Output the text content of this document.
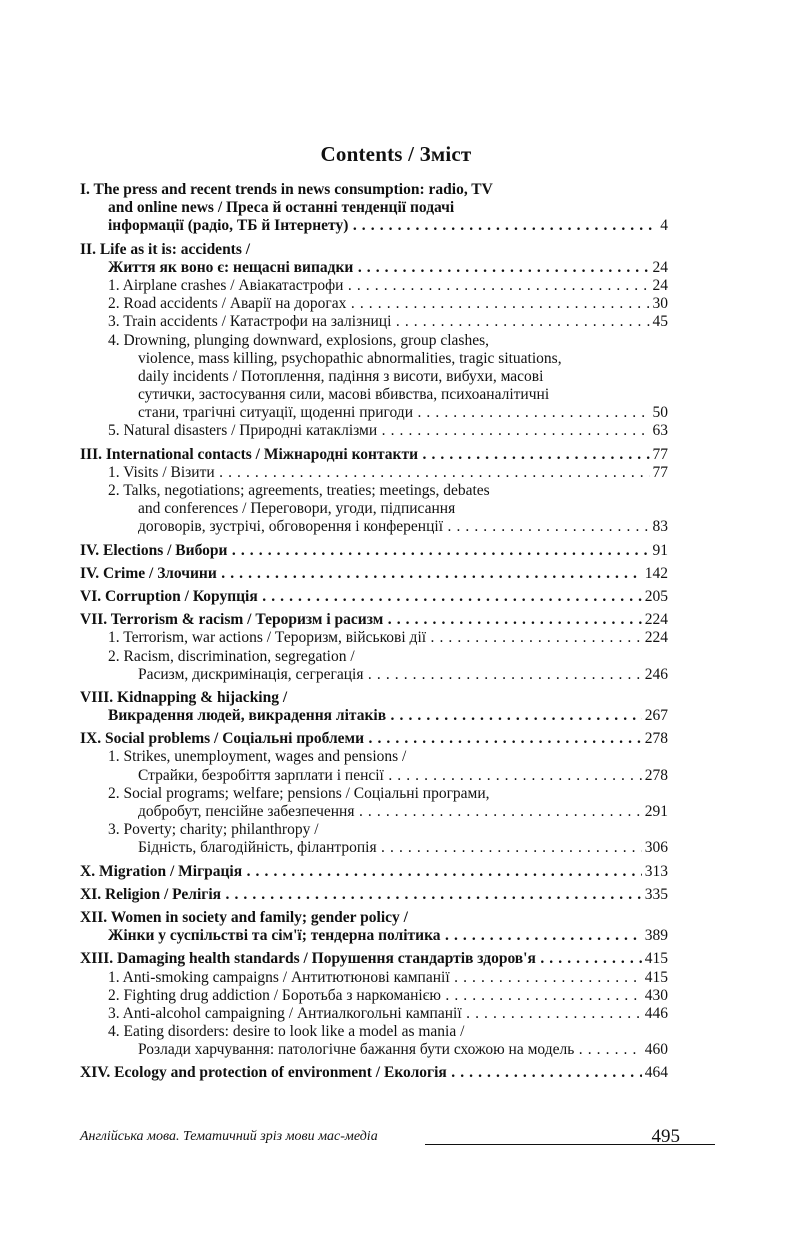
Contents / Зміст
I. The press and recent trends in news consumption: radio, TV
and online news / Преса й останні тенденції подачі
інформації (радіо, ТБ й Інтернету) . . .	4
II. Life as it is: accidents /
Життя як воно є: нещасні випадки . . .	24
1. Airplane crashes / Авіакатастрофи . . .	24
2. Road accidents / Аварії на дорогах . . .	30
3. Train accidents / Катастрофи на залізниці . . .	45
4. Drowning, plunging downward, explosions, group clashes,
violence, mass killing, psychopathic abnormalities, tragic situations,
daily incidents / Потоплення, падіння з висоти, вибухи, масові
сутички, застосування сили, масові вбивства, психоаналітичні
стани, трагічні ситуації, щоденні пригоди . . .	50
5. Natural disasters / Природні катаклізми . . .	63
III. International contacts / Міжнародні контакти . . .	77
1. Visits / Візити . . .	77
2. Talks, negotiations; agreements, treaties; meetings, debates
and conferences / Переговори, угоди, підписання
договорів, зустрічі, обговорення і конференції . . .	83
IV. Elections / Вибори . . .	91
IV. Crime / Злочини . . .	142
VI. Corruption / Корупція . . .	205
VII. Terrorism & racism / Тероризм і расизм . . .	224
1. Terrorism, war actions / Тероризм, військові дії . . .	224
2. Racism, discrimination, segregation /
Расизм, дискримінація, сегрегація . . .	246
VIII. Kidnapping & hijacking /
Викрадення людей, викрадення літаків . . .	267
IX. Social problems / Соціальні проблеми . . .	278
1. Strikes, unemployment, wages and pensions /
Страйки, безробіття зарплати і пенсії . . .	278
2. Social programs; welfare; pensions / Соціальні програми,
добробут, пенсійне забезпечення . . .	291
3. Poverty; charity; philanthropy /
Бідність, благодійність, філантропія . . .	306
X. Migration / Міграція . . .	313
XI. Religion / Релігія . . .	335
XII. Women in society and family; gender policy /
Жінки у суспільстві та сім'ї; тендерна політика . . .	389
XIII. Damaging health standards / Порушення стандартів здоров'я . . .	415
1. Anti-smoking campaigns / Антитютюнові кампанії . . .	415
2. Fighting drug addiction / Боротьба з наркоманією . . .	430
3. Anti-alcohol campaigning / Антиалкогольні кампанії . . .	446
4. Eating disorders: desire to look like a model as mania /
Розлади харчування: патологічне бажання бути схожою на модель . . .	460
XIV. Ecology and protection of environment / Екологія . . .	464
Англійська мова. Тематичний зріз мови мас-медіа	495
